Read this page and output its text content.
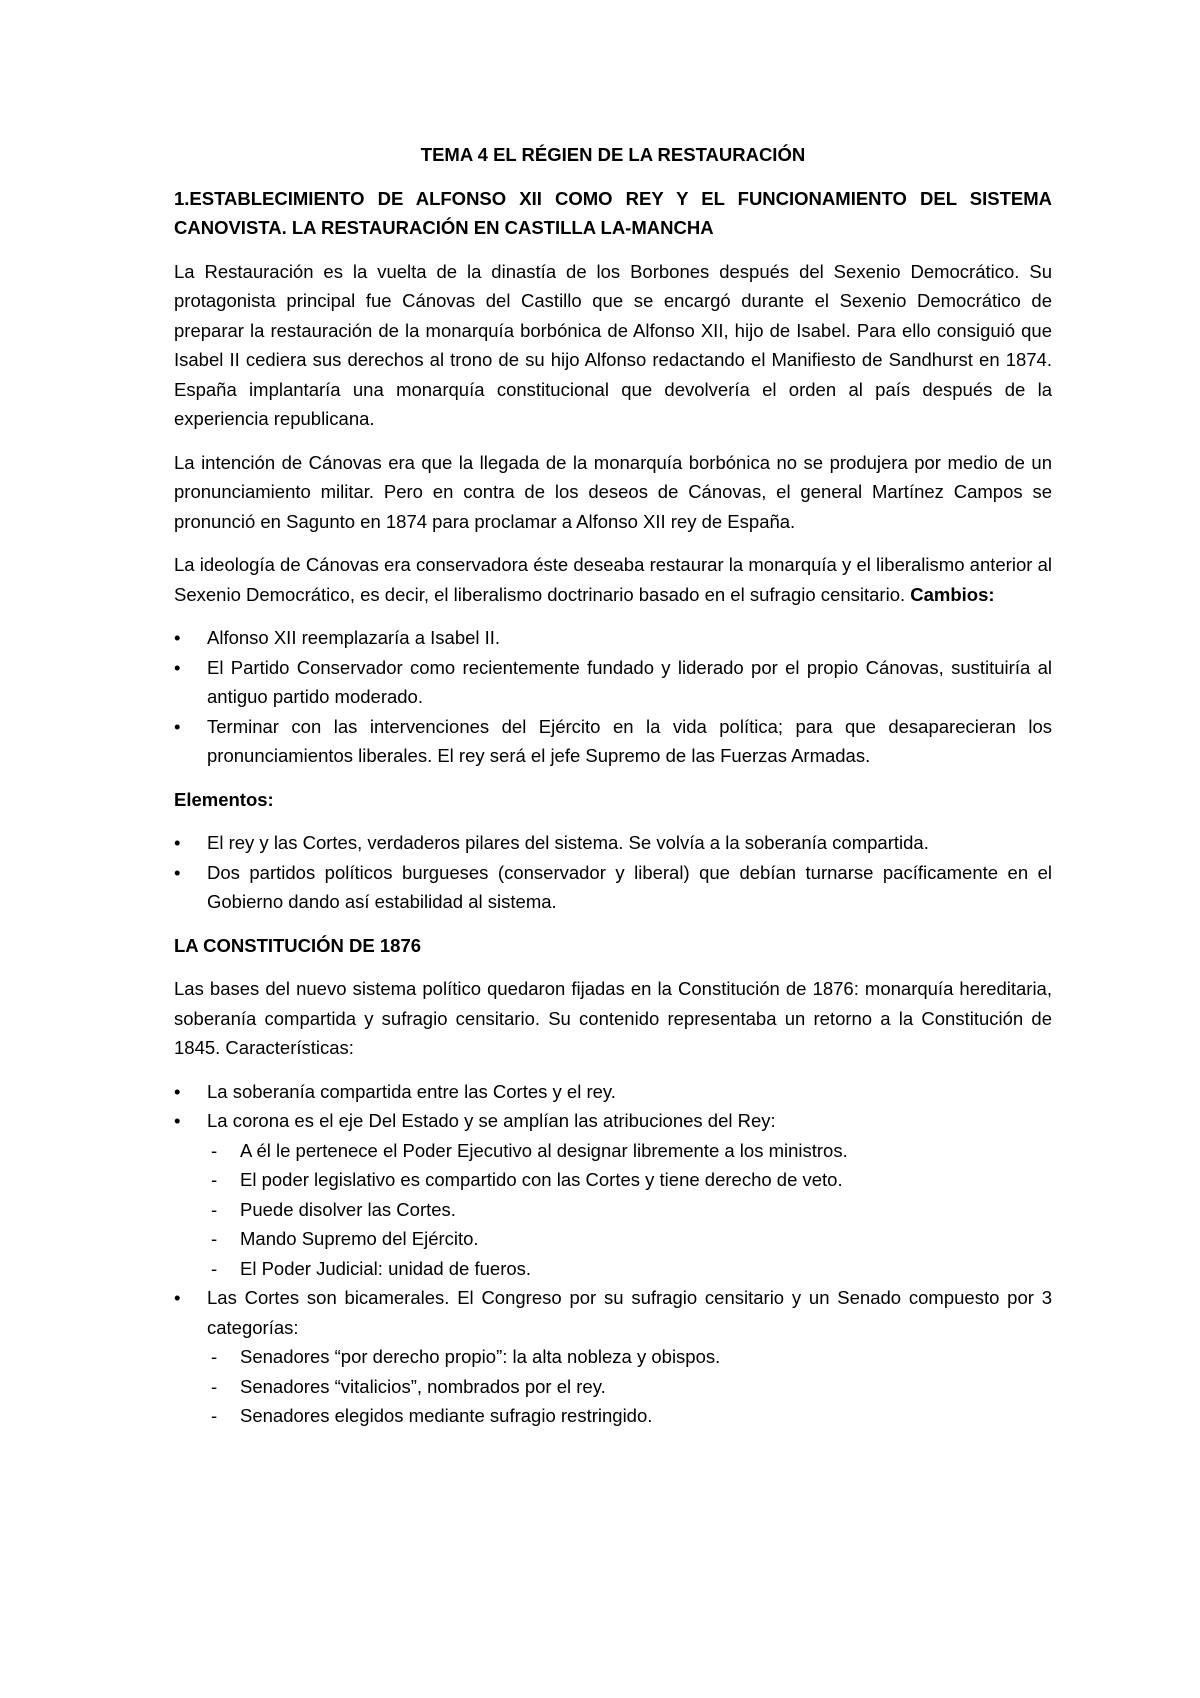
TEMA 4 EL RÉGIEN DE LA RESTAURACIÓN
1.ESTABLECIMIENTO DE ALFONSO XII COMO REY Y EL FUNCIONAMIENTO DEL SISTEMA CANOVISTA. LA RESTAURACIÓN EN CASTILLA LA-MANCHA

La Restauración es la vuelta de la dinastía de los Borbones después del Sexenio Democrático. Su protagonista principal fue Cánovas del Castillo que se encargó durante el Sexenio Democrático de preparar la restauración de la monarquía borbónica de Alfonso XII, hijo de Isabel. Para ello consiguió que Isabel II cediera sus derechos al trono de su hijo Alfonso redactando el Manifiesto de Sandhurst en 1874. España implantaría una monarquía constitucional que devolvería el orden al país después de la experiencia republicana.

La intención de Cánovas era que la llegada de la monarquía borbónica no se produjera por medio de un pronunciamiento militar. Pero en contra de los deseos de Cánovas, el general Martínez Campos se pronunció en Sagunto en 1874 para proclamar a Alfonso XII rey de España.

La ideología de Cánovas era conservadora éste deseaba restaurar la monarquía y el liberalismo anterior al Sexenio Democrático, es decir, el liberalismo doctrinario basado en el sufragio censitario. Cambios:

• Alfonso XII reemplazaría a Isabel II.
• El Partido Conservador como recientemente fundado y liderado por el propio Cánovas, sustituiría al antiguo partido moderado.
• Terminar con las intervenciones del Ejército en la vida política; para que desaparecieran los pronunciamientos liberales. El rey será el jefe Supremo de las Fuerzas Armadas.
Elementos:
• El rey y las Cortes, verdaderos pilares del sistema. Se volvía a la soberanía compartida.
• Dos partidos políticos burgueses (conservador y liberal) que debían turnarse pacíficamente en el Gobierno dando así estabilidad al sistema.
LA CONSTITUCIÓN DE 1876

Las bases del nuevo sistema político quedaron fijadas en la Constitución de 1876: monarquía hereditaria, soberanía compartida y sufragio censitario. Su contenido representaba un retorno a la Constitución de 1845. Características:

• La soberanía compartida entre las Cortes y el rey.
• La corona es el eje Del Estado y se amplían las atribuciones del Rey:
- A él le pertenece el Poder Ejecutivo al designar libremente a los ministros.
- El poder legislativo es compartido con las Cortes y tiene derecho de veto.
- Puede disolver las Cortes.
- Mando Supremo del Ejército.
- El Poder Judicial: unidad de fueros.
• Las Cortes son bicamerales. El Congreso por su sufragio censitario y un Senado compuesto por 3 categorías:
- Senadores “por derecho propio”: la alta nobleza y obispos.
- Senadores “vitalicios”, nombrados por el rey.
- Senadores elegidos mediante sufragio restringido.
